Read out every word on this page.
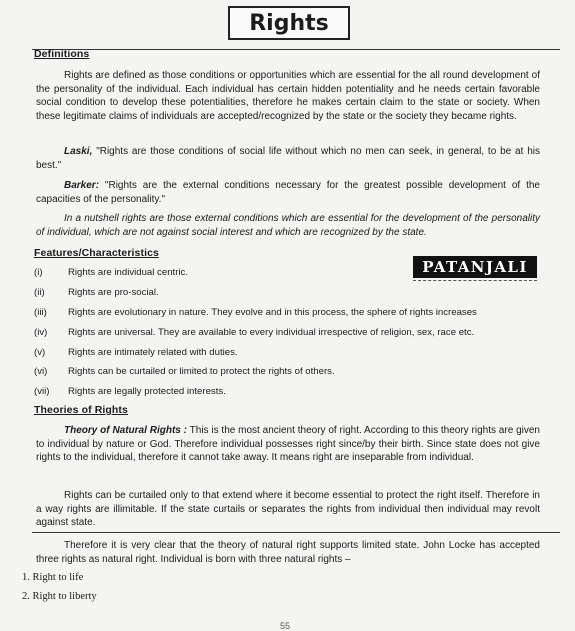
Rights
Definitions
Rights are defined as those conditions or opportunities which are essential for the all round development of the personality of the individual. Each individual has certain hidden potentiality and he needs certain favorable social condition to develop these potentialities, therefore he makes certain claim to the state or society. When these legitimate claims of individuals are accepted/recognized by the state or the society they became rights.
Laski, "Rights are those conditions of social life without which no men can seek, in general, to be at his best."
Barker: "Rights are the external conditions necessary for the greatest possible development of the capacities of the personality."
In a nutshell rights are those external conditions which are essential for the development of the personality of individual, which are not against social interest and which are recognized by the state.
Features/Characteristics
PATANJALI
(i)	Rights are individual centric.
(ii)	Rights are pro-social.
(iii)	Rights are evolutionary in nature. They evolve and in this process, the sphere of rights increases
(iv)	Rights are universal. They are available to every individual irrespective of religion, sex, race etc.
(v)	Rights are intimately related with duties.
(vi)	Rights can be curtailed or limited to protect the rights of others.
(vii)	Rights are legally protected interests.
Theories of Rights
Theory of Natural Rights : This is the most ancient theory of right. According to this theory rights are given to individual by nature or God. Therefore individual possesses right since/by their birth. Since state does not give rights to the individual, therefore it cannot take away. It means right are inseparable from individual.
Rights can be curtailed only to that extend where it become essential to protect the right itself. Therefore in a way rights are illimitable. If the state curtails or separates the rights from individual then individual may revolt against state.
Therefore it is very clear that the theory of natural right supports limited state. John Locke has accepted three rights as natural right. Individual is born with three natural rights –
1. Right to life
2. Right to liberty
55
